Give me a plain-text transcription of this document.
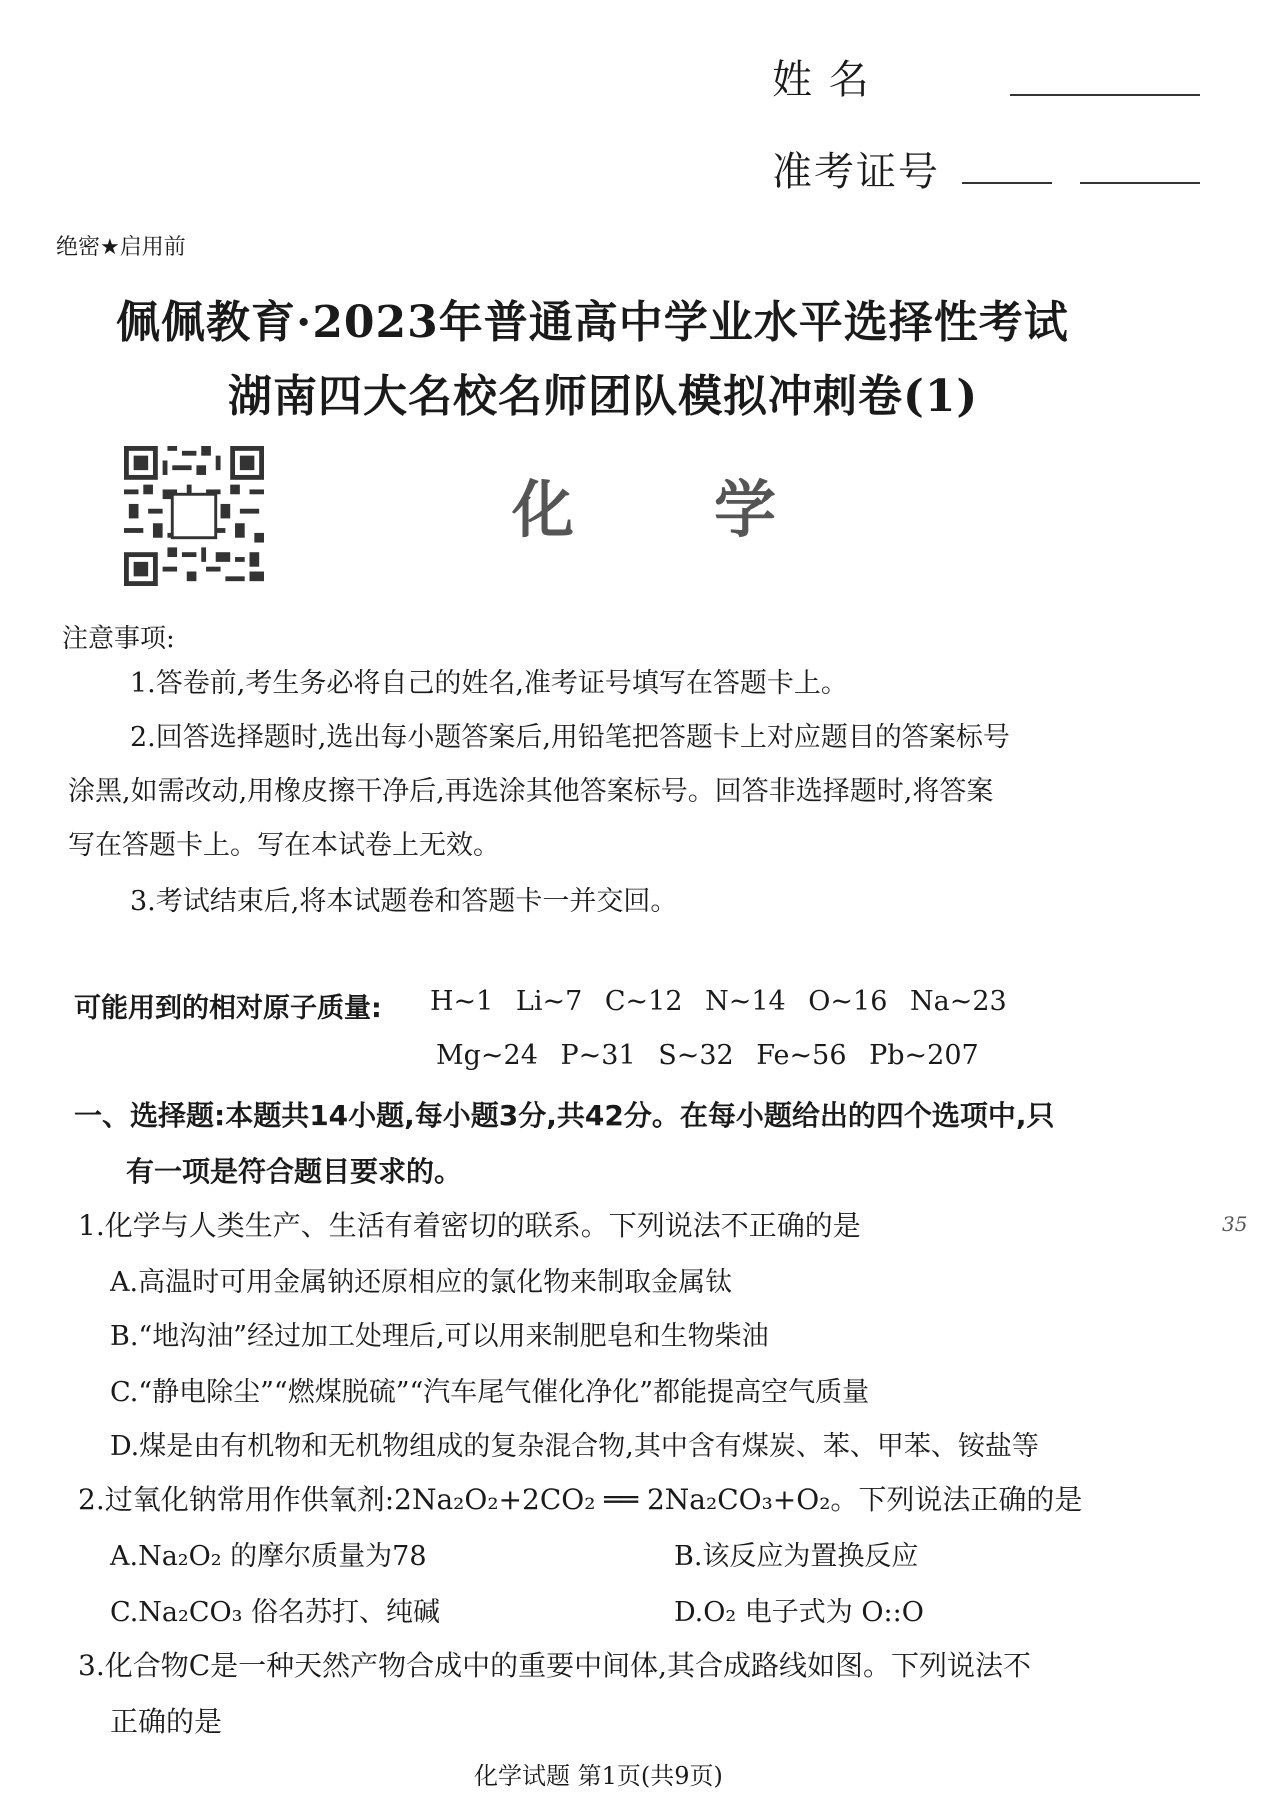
姓 名
准考证号
绝密★启用前
佩佩教育·2023年普通高中学业水平选择性考试
湖南四大名校名师团队模拟冲刺卷(1)
化学
注意事项:
1.答卷前,考生务必将自己的姓名,准考证号填写在答题卡上。
2.回答选择题时,选出每小题答案后,用铅笔把答题卡上对应题目的答案标号
涂黑,如需改动,用橡皮擦干净后,再选涂其他答案标号。回答非选择题时,将答案
写在答题卡上。写在本试卷上无效。
3.考试结束后,将本试题卷和答题卡一并交回。
可能用到的相对原子质量: H~1 Li~7 C~12 N~14 O~16 Na~23
Mg~24 P~31 S~32 Fe~56 Pb~207
一、选择题:本题共14小题,每小题3分,共42分。在每小题给出的四个选项中,只
有一项是符合题目要求的。
1.化学与人类生产、生活有着密切的联系。下列说法不正确的是
A.高温时可用金属钠还原相应的氯化物来制取金属钛
B.“地沟油”经过加工处理后,可以用来制肥皂和生物柴油
C.“静电除尘”“燃煤脱硫”“汽车尾气催化净化”都能提高空气质量
D.煤是由有机物和无机物组成的复杂混合物,其中含有煤炭、苯、甲苯、铵盐等
35
2.过氧化钠常用作供氧剂:2Na₂O₂+2CO₂ ══ 2Na₂CO₃+O₂。下列说法正确的是
A.Na₂O₂ 的摩尔质量为78	B.该反应为置换反应
C.Na₂CO₃ 俗名苏打、纯碱	D.O₂ 电子式为 O::O
3.化合物C是一种天然产物合成中的重要中间体,其合成路线如图。下列说法不
正确的是
化学试题 第1页(共9页)
